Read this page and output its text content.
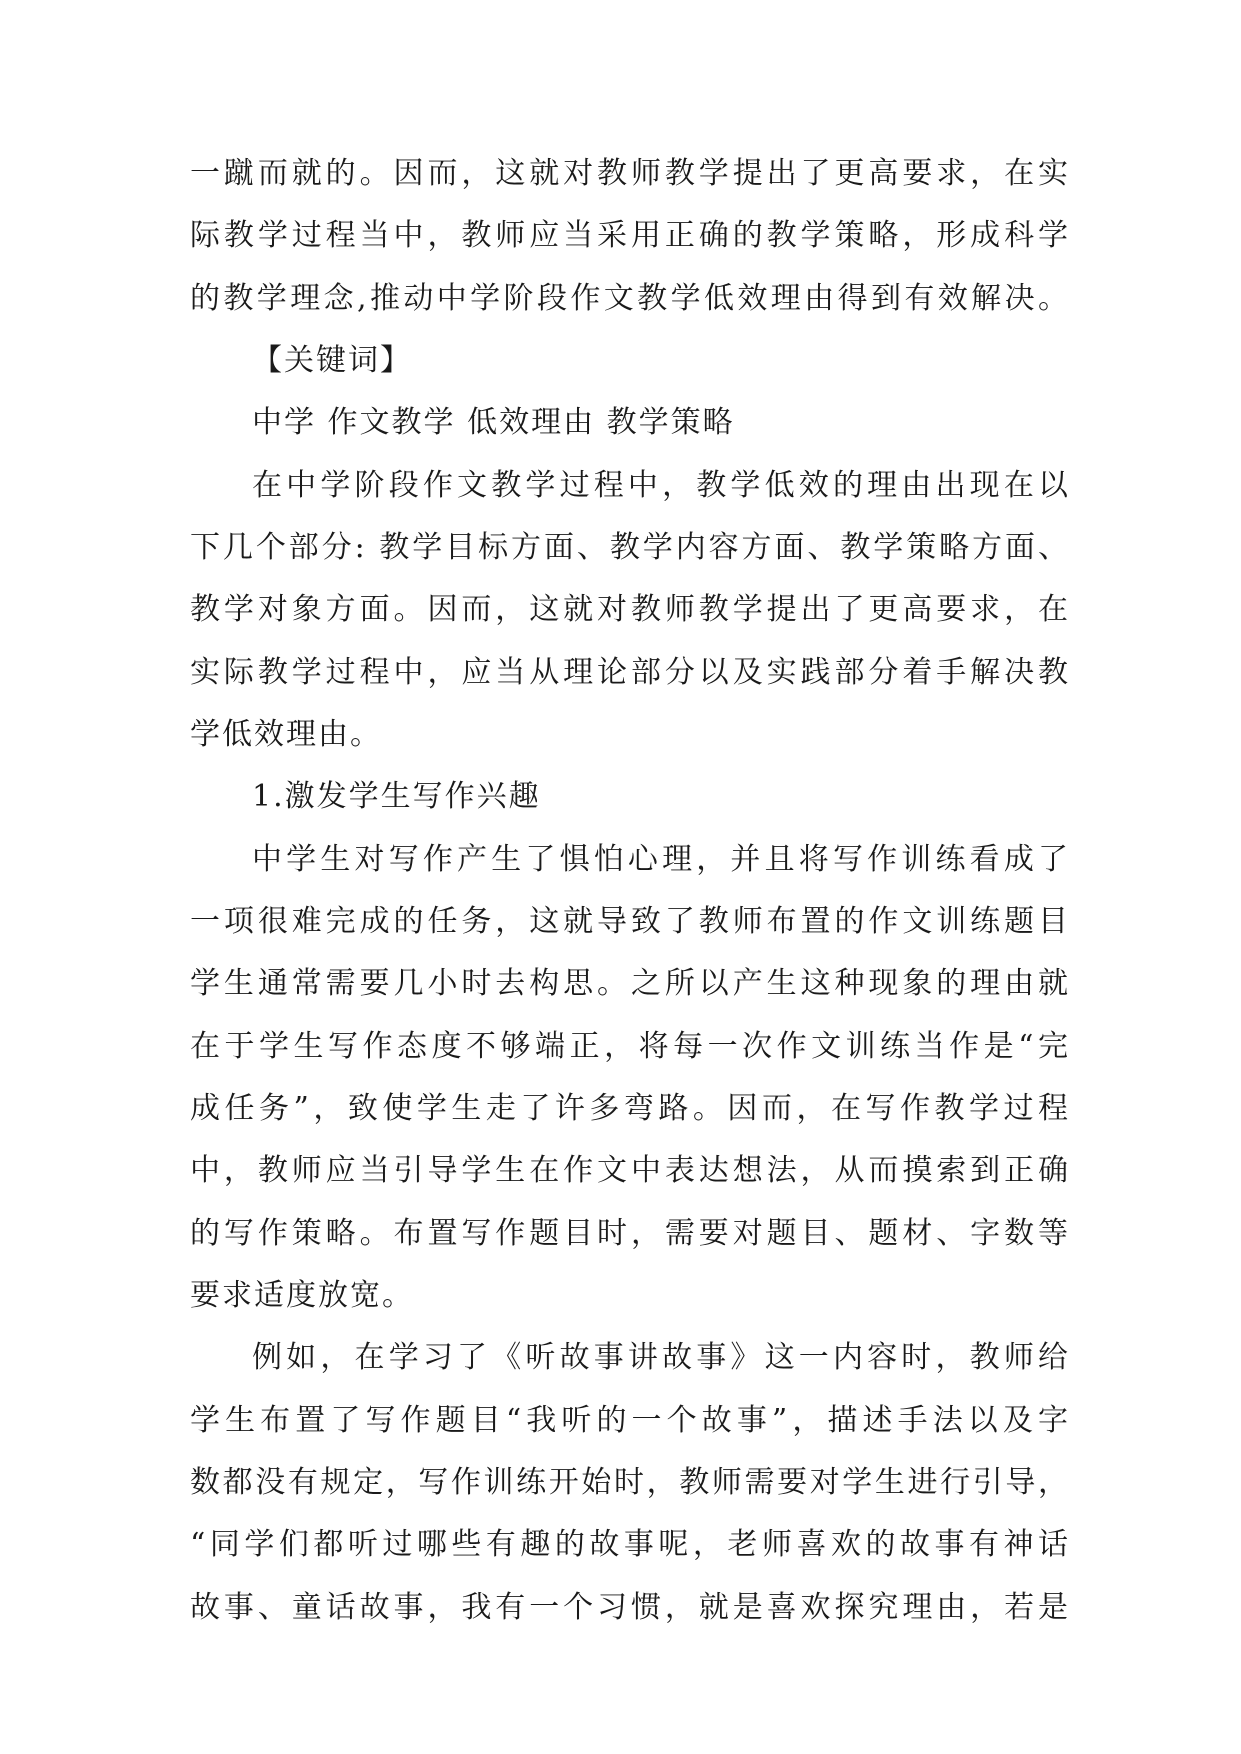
一蹴而就的。因而，这就对教师教学提出了更高要求，在实
际教学过程当中，教师应当采用正确的教学策略，形成科学
的教学理念,推动中学阶段作文教学低效理由得到有效解决。
【关键词】
中学 作文教学 低效理由 教学策略
在中学阶段作文教学过程中，教学低效的理由出现在以
下几个部分: 教学目标方面、教学内容方面、教学策略方面、
教学对象方面。因而，这就对教师教学提出了更高要求，在
实际教学过程中，应当从理论部分以及实践部分着手解决教
学低效理由。
1.激发学生写作兴趣
中学生对写作产生了惧怕心理，并且将写作训练看成了
一项很难完成的任务，这就导致了教师布置的作文训练题目
学生通常需要几小时去构思。之所以产生这种现象的理由就
在于学生写作态度不够端正，将每一次作文训练当作是“完
成任务”，致使学生走了许多弯路。因而，在写作教学过程
中，教师应当引导学生在作文中表达想法，从而摸索到正确
的写作策略。布置写作题目时，需要对题目、题材、字数等
要求适度放宽。
例如，在学习了《听故事讲故事》这一内容时，教师给
学生布置了写作题目“我听的一个故事”，描述手法以及字
数都没有规定，写作训练开始时，教师需要对学生进行引导，
“同学们都听过哪些有趣的故事呢，老师喜欢的故事有神话
故事、童话故事，我有一个习惯，就是喜欢探究理由，若是
